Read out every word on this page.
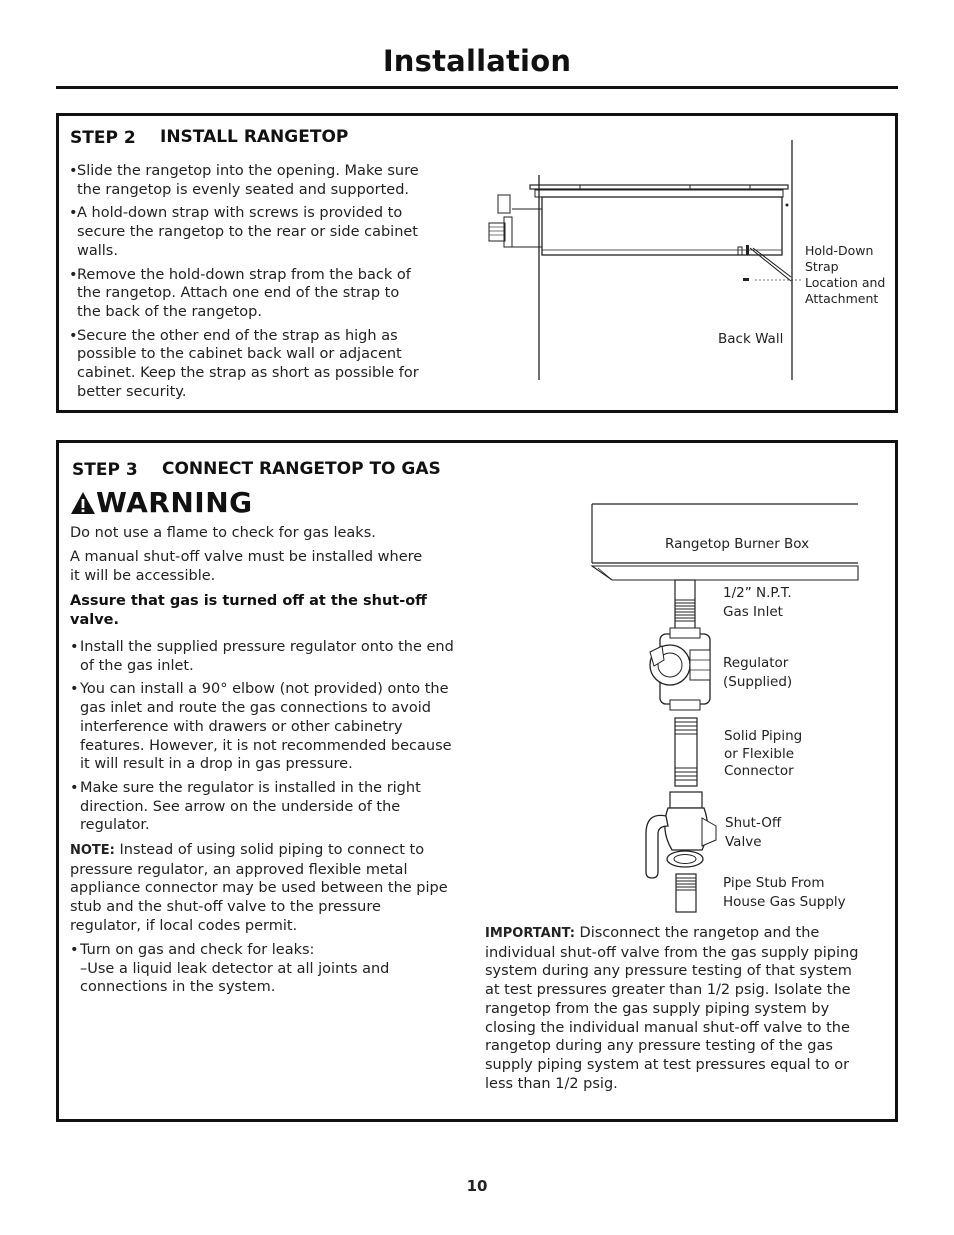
Installation
STEP 2 INSTALL RANGETOP
• Slide the rangetop into the opening. Make sure the rangetop is evenly seated and supported.
• A hold-down strap with screws is provided to secure the rangetop to the rear or side cabinet walls.
• Remove the hold-down strap from the back of the rangetop. Attach one end of the strap to the back of the rangetop.
• Secure the other end of the strap as high as possible to the cabinet back wall or adjacent cabinet. Keep the strap as short as possible for better security.
Hold-Down
Strap
Location and
Attachment
Back Wall
STEP 3 CONNECT RANGETOP TO GAS
WARNING
Do not use a flame to check for gas leaks.
A manual shut-off valve must be installed where it will be accessible.
Assure that gas is turned off at the shut-off valve.
• Install the supplied pressure regulator onto the end of the gas inlet.
• You can install a 90° elbow (not provided) onto the gas inlet and route the gas connections to avoid interference with drawers or other cabinetry features. However, it is not recommended because it will result in a drop in gas pressure.
• Make sure the regulator is installed in the right direction. See arrow on the underside of the regulator.
NOTE: Instead of using solid piping to connect to pressure regulator, an approved flexible metal appliance connector may be used between the pipe stub and the shut-off valve to the pressure regulator, if local codes permit.
• Turn on gas and check for leaks:
–Use a liquid leak detector at all joints and connections in the system.
IMPORTANT: Disconnect the rangetop and the individual shut-off valve from the gas supply piping system during any pressure testing of that system at test pressures greater than 1/2 psig. Isolate the rangetop from the gas supply piping system by closing the individual manual shut-off valve to the rangetop during any pressure testing of the gas supply piping system at test pressures equal to or less than 1/2 psig.
Rangetop Burner Box
1/2” N.P.T.
Gas Inlet
Regulator
(Supplied)
Solid Piping
or Flexible
Connector
Shut-Off
Valve
Pipe Stub From
House Gas Supply
10
